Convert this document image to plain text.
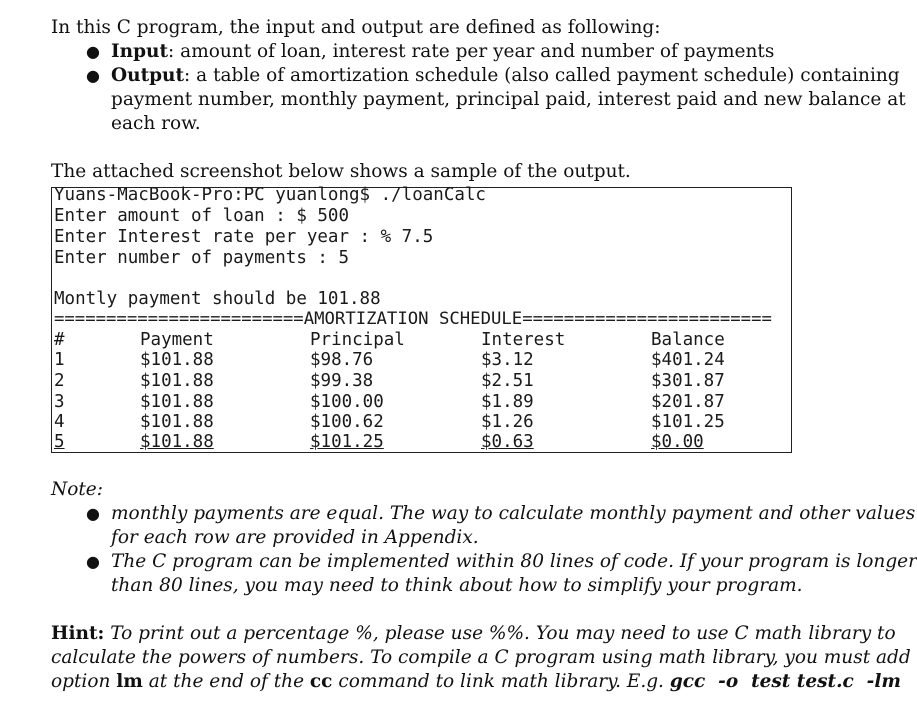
In this C program, the input and output are defined as following:
● Input: amount of loan, interest rate per year and number of payments
● Output: a table of amortization schedule (also called payment schedule) containing
payment number, monthly payment, principal paid, interest paid and new balance at
each row.
The attached screenshot below shows a sample of the output.
Yuans-MacBook-Pro:PC yuanlong$ ./loanCalc
Enter amount of loan : $ 500
Enter Interest rate per year : % 7.5
Enter number of payments : 5
Montly payment should be 101.88
========================AMORTIZATION SCHEDULE========================
#	Payment	Principal	Interest	Balance
1	$101.88	$98.76	$3.12	$401.24
2	$101.88	$99.38	$2.51	$301.87
3	$101.88	$100.00	$1.89	$201.87
4	$101.88	$100.62	$1.26	$101.25
5	$101.88	$101.25	$0.63	$0.00
Note:
● monthly payments are equal. The way to calculate monthly payment and other values
for each row are provided in Appendix.
● The C program can be implemented within 80 lines of code. If your program is longer
than 80 lines, you may need to think about how to simplify your program.
Hint: To print out a percentage %, please use %%. You may need to use C math library to
calculate the powers of numbers. To compile a C program using math library, you must add
option lm at the end of the cc command to link math library. E.g. gcc  -o  test test.c  -lm
